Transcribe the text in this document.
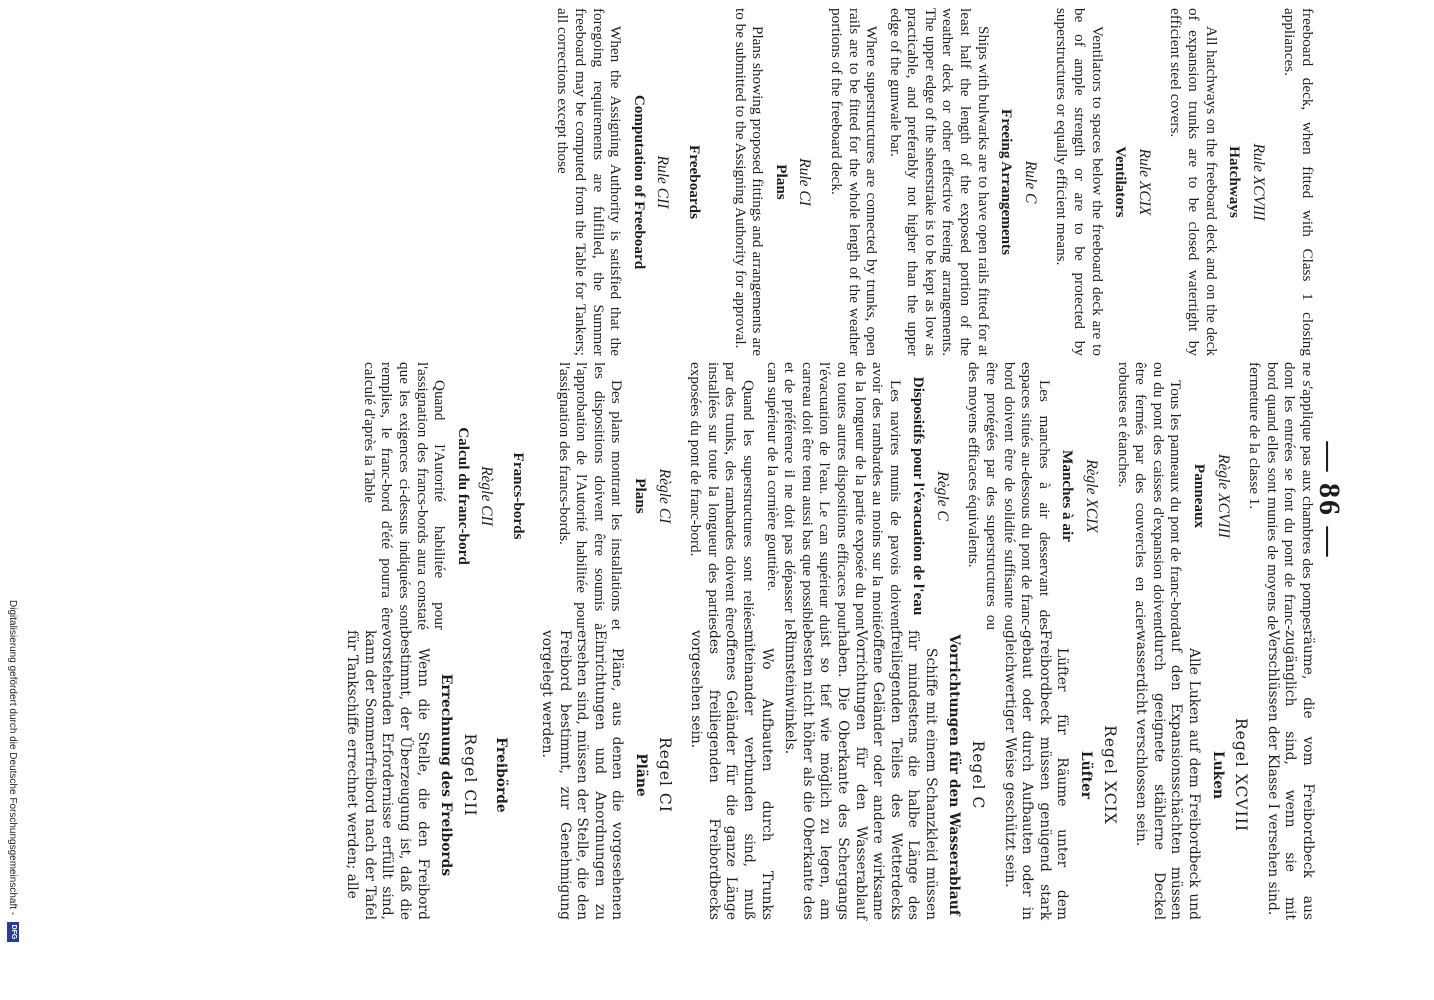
— 86 —

freeboard deck, when fitted with Class 1 closing appliances.

Rule XCVIII
Hatchways

All hatchways on the freeboard deck and on the deck of expansion trunks are to be closed watertight by efficient steel covers.

Rule XCIX
Ventilators

Ventilators to spaces below the freeboard deck are to be of ample strength or are to be protected by superstructures or equally efficient means.

Rule C
Freeing Arrangements

Ships with bulwarks are to have open rails fitted for at least half the length of the exposed portion of the weather deck or other effective freeing arrangements. The upper edge of the sheerstrake is to be kept as low as practicable, and preferably not higher than the upper edge of the gunwale bar.

Where superstructures are connected by trunks, open rails are to be fitted for the whole length of the weather portions of the freeboard deck.

Rule CI
Plans

Plans showing proposed fittings and arrangements are to be submitted to the Assigning Authority for approval.

Freeboards
Rule CII
Computation of Freeboard

When the Assigning Authority is satisfied that the foregoing requirements are fulfilled, the Summer freeboard may be computed from the Table for Tankers; all corrections except those

ne s'applique pas aux chambres des pompes dont les entrées se font du pont de franc-bord quand elles sont munies de moyens de fermeture de la classe 1.

Règle XCVIII
Panneaux

Tous les panneaux du pont de franc-bord ou du pont des caisses d'expansion doivent être fermés par des couvercles en acier robustes et étanches.

Règle XCIX
Manches à air

Les manches à air desservant des espaces situés au-dessous du pont de franc-bord doivent être de solidité suffisante ou être protégées par des superstructures ou des moyens efficaces équivalents.

Règle C
Dispositifs pour l'évacuation de l'eau

Les navires munis de pavois doivent avoir des rambardes au moins sur la moitié de la longueur de la partie exposée du pont ou toutes autres dispositions efficaces pour l'évacuation de l'eau. Le can supérieur du carreau doit être tenu aussi bas que possible et de préférence il ne doit pas dépasser le can supérieur de la cornière gouttière.

Quand les superstructures sont reliées par des trunks, des rambardes doivent être installées sur toute la longueur des parties exposées du pont de franc-bord.

Règle CI
Plans

Des plans montrant les installations et les dispositions doivent être soumis à l'approbation de l'Autorité habilitée pour l'assignation des francs-bords.

Francs-bords
Règle CII
Calcul du franc-bord

Quand l'Autorité habilitée pour l'assignation des francs-bords aura constaté que les exigences ci-dessus indiquées sont remplies, le franc-bord d'été pourra être calculé d'après la Table

räume, die vom Freibordbeck aus zugänglich sind, wenn sie mit Verschlüssen der Klasse I versehen sind.

Regel XCVIII
Luken

Alle Luken auf dem Freibordbeck und auf den Expansionsschächten müssen durch geeignete stählerne Deckel wasserdicht verschlossen sein.

Regel XCIX
Lüfter

Lüfter für Räume unter dem Freibordbeck müssen genügend stark gebaut oder durch Aufbauten oder in gleichwertiger Weise geschützt sein.

Regel C
Vorrichtungen für den Wasserablauf

Schiffe mit einem Schanzkleid müssen für mindestens die halbe Länge des freiliegenden Teiles des Wetterdecks offene Geländer oder andere wirksame Vorrichtungen für den Wasserablauf haben. Die Oberkante des Schergangs ist so tief wie möglich zu legen, am besten nicht höher als die Oberkante des Rinnsteinwinkels.

Wo Aufbauten durch Trunks miteinander verbunden sind, muß offenes Geländer für die ganze Länge des freiliegenden Freibordbecks vorgesehen sein.

Regel CI
Pläne

Pläne, aus denen die vorgesehenen Einrichtungen und Anordnungen zu ersehen sind, müssen der Stelle, die den Freibord bestimmt, zur Genehmigung vorgelegt werden.

Freibörde
Regel CII
Errechnung des Freibords

Wenn die Stelle, die den Freibord bestimmt, der Überzeugung ist, daß die vorstehenden Erfordernisse erfüllt sind, kann der Sommerfreibord nach der Tafel für Tankschiffe errechnet werden; alle

Digitalisierung gefördert durch die Deutsche Forschungsgemeinschaft - DFG
